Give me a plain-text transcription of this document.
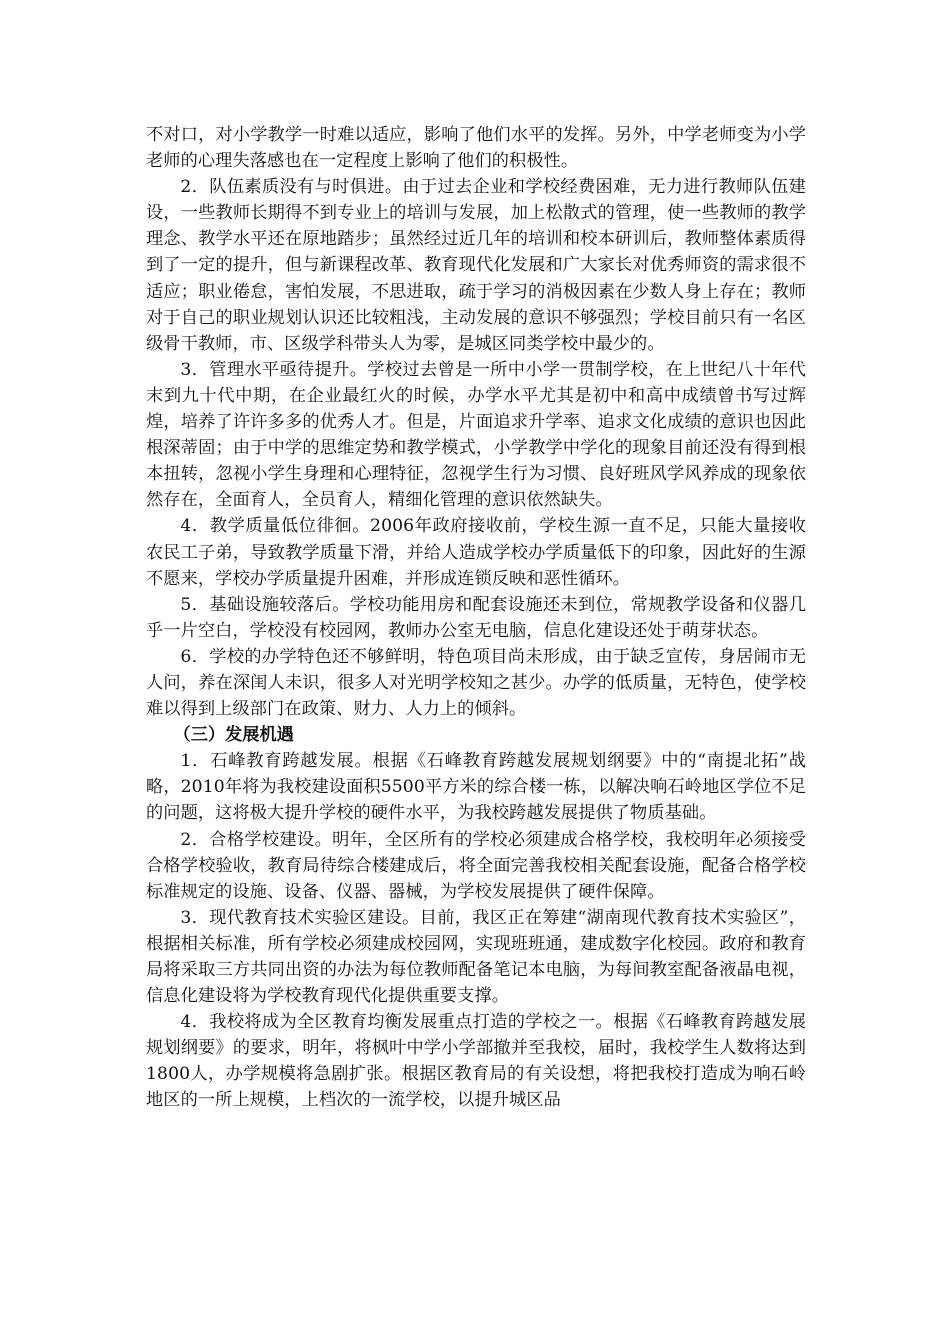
不对口，对小学教学一时难以适应，影响了他们水平的发挥。另外，中学老师变为小学老师的心理失落感也在一定程度上影响了他们的积极性。

2．队伍素质没有与时俱进。由于过去企业和学校经费困难，无力进行教师队伍建设，一些教师长期得不到专业上的培训与发展，加上松散式的管理，使一些教师的教学理念、教学水平还在原地踏步；虽然经过近几年的培训和校本研训后，教师整体素质得到了一定的提升，但与新课程改革、教育现代化发展和广大家长对优秀师资的需求很不适应；职业倦怠，害怕发展，不思进取，疏于学习的消极因素在少数人身上存在；教师对于自己的职业规划认识还比较粗浅，主动发展的意识不够强烈；学校目前只有一名区级骨干教师，市、区级学科带头人为零，是城区同类学校中最少的。

3．管理水平亟待提升。学校过去曾是一所中小学一贯制学校，在上世纪八十年代末到九十代中期，在企业最红火的时候，办学水平尤其是初中和高中成绩曾书写过辉煌，培养了许许多多的优秀人才。但是，片面追求升学率、追求文化成绩的意识也因此根深蒂固；由于中学的思维定势和教学模式，小学教学中学化的现象目前还没有得到根本扭转，忽视小学生身理和心理特征，忽视学生行为习惯、良好班风学风养成的现象依然存在，全面育人，全员育人，精细化管理的意识依然缺失。

4．教学质量低位徘徊。2006年政府接收前，学校生源一直不足，只能大量接收农民工子弟，导致教学质量下滑，并给人造成学校办学质量低下的印象，因此好的生源不愿来，学校办学质量提升困难，并形成连锁反映和恶性循环。

5．基础设施较落后。学校功能用房和配套设施还未到位，常规教学设备和仪器几乎一片空白，学校没有校园网，教师办公室无电脑，信息化建设还处于萌芽状态。

6．学校的办学特色还不够鲜明，特色项目尚未形成，由于缺乏宣传，身居闹市无人问，养在深闺人未识，很多人对光明学校知之甚少。办学的低质量，无特色，使学校难以得到上级部门在政策、财力、人力上的倾斜。

（三）发展机遇

1．石峰教育跨越发展。根据《石峰教育跨越发展规划纲要》中的“南提北拓”战略，2010年将为我校建设面积5500平方米的综合楼一栋，以解决响石岭地区学位不足的问题，这将极大提升学校的硬件水平，为我校跨越发展提供了物质基础。

2．合格学校建设。明年，全区所有的学校必须建成合格学校，我校明年必须接受合格学校验收，教育局待综合楼建成后，将全面完善我校相关配套设施，配备合格学校标准规定的设施、设备、仪器、器械，为学校发展提供了硬件保障。

3．现代教育技术实验区建设。目前，我区正在筹建“湖南现代教育技术实验区”，根据相关标准，所有学校必须建成校园网，实现班班通，建成数字化校园。政府和教育局将采取三方共同出资的办法为每位教师配备笔记本电脑，为每间教室配备液晶电视，信息化建设将为学校教育现代化提供重要支撑。

4．我校将成为全区教育均衡发展重点打造的学校之一。根据《石峰教育跨越发展规划纲要》的要求，明年，将枫叶中学小学部撤并至我校，届时，我校学生人数将达到1800人，办学规模将急剧扩张。根据区教育局的有关设想，将把我校打造成为响石岭地区的一所上规模，上档次的一流学校，以提升城区品
